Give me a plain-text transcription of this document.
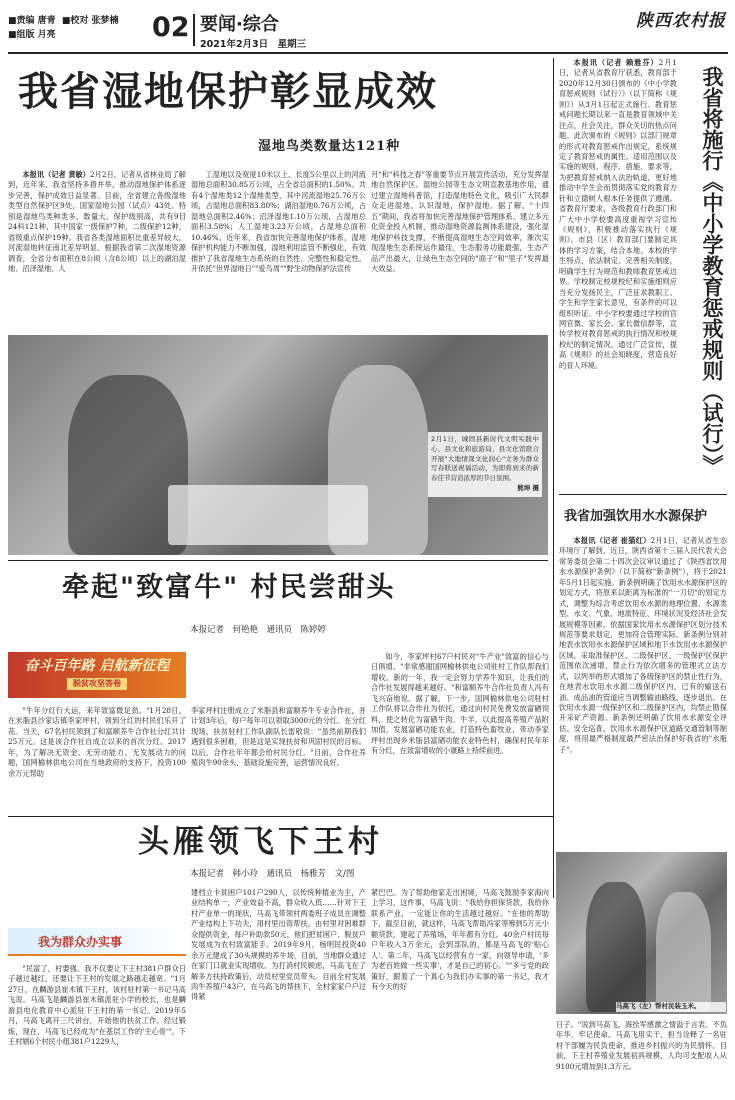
■责编 唐青 ■校对 张梦楠
■组版 月亮	02 要闻·综合
2021年2月3日　星期三
陕西农村报
我省湿地保护彰显成效
湿地鸟类数量达121种
本报讯（记者 黄敏）2月2日，记者从省林业局了解到，近年来，我省坚持多措并举，推动湿地保护体系逐步完善，保护成效日益显著。目前，全省建立各级湿地类型自然保护区9处，国家湿地公园（试点）43处。特别是湿地鸟类种类多，数量大，保护级别高，共有9目24科121种，其中国家一级保护7种，二级保护12种，省级重点保护19种。我省各类湿地面积比重差异较大，河流湿地转征南北差异明显。根据我省第二次湿地资源调查，全省分布面积在8公顷（含8公顷）以上的湖泊湿地、沼泽湿地、人
工湿地以及宽度10米以上、长度5公里以上的河流湿地总面积30.85万公顷，占全省总面积的1.50%。共有4个湿地类12个湿地类型，其中河流湿地25.76万公顷，占湿地总面积83.80%；湖泊湿地0.76万公顷，占湿地总面积2.46%；沼泽湿地1.10万公顷，占湿地总面积3.58%；人工湿地3.23万公顷，占湿地总面积10.46%。近年来，我省加快完善湿地保护体系，湿地保护机构能力不断加强，湿地利用监管不断强化，有效推护了我省湿地生态系统的自然性、完整性和稳定性。开依托"世界湿地日""爱鸟周""野生动物保护法宣传
月"和"科技之春"等重要节点开展宣传活动，充分发挥湿地自然保护区、湿地公园等生态文明宣教基地作用，通过建立湿地科普馆，打造湿地特色文化，吸引广大民群众走进湿地，认识湿地，保护湿地。据了解，"十四五"期间，我省将加快完善湿地保护管理体系，建立多元化资金投入机制，推动湿地资源监测体系建设，强化湿地保护科技支撑，不断提高湿地生态空间效率，渐次实现湿地生态系统运作最佳，生态服务功能最强，生态产品产出最大，让绿色生态空间的"面子"和"里子"发挥最大效益。
2月1日，城固县新时代文明实践中心、县文化和旅游局、县文化馆联合开展"大地情深文化润心"文务为群众写春联送祝福活动，为即将到来的新春佳节营造浓厚的节日氛围。
熊坤 摄
牵起"致富牛" 村民尝甜头
本报记者　何艳艳　通讯员　陈婷婷
奋斗百年路 启航新征程
脱贫攻坚答卷
"牛年分红行大运，来年致富微足劲。"1月28日，在米脂县沙家店镇李家坪村，领到分红的村民们乐开了花。当天，67名村民领到了和富顺养牛合作社分红共计25万元。这是该合作社自成立以来的首次分红。2017年，为了解决无资金、无劳动能力、无发展动力的问题，国网榆林供电公司在当地政府的支持下，投资100余万元帮助
李家坪村注册成立了米脂县和富顺养牛专业合作社，并计划3年后，每户每年可以领取3000元的分红。在分红现场，扶贫驻村工作队副队长雷敬说："虽然前期我们遇到很多困难，但是这是实现扶贫和巩固村民的目标。以后，合作社年年都会给村民分红。"目前，合作社养殖肉牛90余头，基础设施完善，运营情况良好。
如今，李家坪村67户村民对"牛产业"致富的信心与日俱增。"非常感谢国网榆林供电公司驻村工作队帮我们增收。新的一年，我一定会努力学养牛知识，让我们的合作社发展得越来越好。"和富顺养牛合作社负责人冯有飞兴奋地说。据了解，下一步，国网榆林供电公司驻村工作队将以合作社为依托，通过向村民免费发放富硒饲料，使之转化为富硒牛肉、牛羊，以此提高养殖产品附加值，发展富硒功能农业，打造特色畜牧业，带动李家坪村出现乡米脂县富硒功能农业特色村，确保村民年年有分红，在致富增收的小康路上持续前进。
本报讯（记者 赖雅芬）2月1日，记者从省教育厅获悉，教育部于2020年12月30日颁布的《中小学教育惩戒规则（试行）》（以下简称《规则》）从3月1日起正式施行。教育惩戒问题长期以来一直是教育领域中关注点，社会关注，群众关切的热点问题。此次颁布的《规则》以部门规章的形式对教育惩戒作出规定，系统规定了教育惩戒的属性、适用范围以及实施的规则、程序、措施、要求等，为把教育惩戒纳入法治轨道，更好地推动中学生会而贯彻落实党的教育方针和立德树人根本任务提供了遵循。省教育厅要求，各级教育行政部门和广大中小学校要高度重视学习宣传《规则》，积极推动落实执行《规则》。市县（区）教育部门要制定具体的学习方案，结合本地、本校的学生特点，依法制定、完善相关制度，明确学生行为规范和教师教育惩戒边界。学校制定校规校纪和实施细则应当充分发扬民主，广泛征求教职工、学生和学生家长意见，有条件的可以组织听证。中小学校要通过学校的官网官微、家长会、家长微信群等，宣传学校对教育惩戒的执行情况和校规校纪的制定情况，通过广泛宣传，提高《规则》的社会知晓度，营造良好的育人环境。	我省将施行《中小学教育惩戒规则（试行）》
我省加强饮用水水源保护
本报讯（记者 崔猫红）2月1日，记者从省生态环境厅了解到，近日，陕西省第十三届人民代表大会常务委员会第二十四次会议审议通过了《陕西省饮用水水源保护条例》（以下简称"新条例"），将于2021年5月1日起实施。新条例明确了饮用水水源保护区的划定方式，将原来以距离为标准的"一刀切"的划定方式，调整为综合考虑饮用水水源的地理位置、水源类型、水文、气象、地质特征、环境状况及经济社会发展规模等因素，依据国家饮用水水源保护区划分技术规范等要求划定，更加符合管理实际。新条例分别对地表水饮用水水源保护区域和地下水饮用水水源保护区域，采取准保护区、二级保护区、一级保护区保护范围依次递增，禁止行为依次增多的管理式立法方式，以列举的形式增加了各级保护区的禁止性行为，在地表水饮用水水源二级保护区内，已有的输送石油、成品油的管道应当调整输油路线，逐步退出。在饮用水水源一级保护区和二级保护区内，均禁止勘探开采矿产资源。新条例还明确了饮用水水源安全评估、安全巡查、饮用水水源保护区道路交通管制等制度，将用最严格制度最严密法治保护好我省的"水瓶子"。
头雁领飞下王村
本报记者　韩小玲　通讯员　杨雅芳　文/图
我为群众办实事
"民富了，村要强。我不仅要让下王村381户群众日子越过越红，还要让下王村的发展之路越走越宽。"1月27日，在麟游县崔木镇下王村，该村驻村第一书记马高飞说。马高飞是麟游县崔木镇派驻小学的校长，也是麟游县电化教育中心派驻下王村的第一书记。2019年5月，马高飞离开三尺讲台，开始他的扶贫工作。经过锻炼，现在，马高飞已经成为"在基层工作的'主心骨'"。下王村辖6个村民小组381户1229人，
建档立卡贫困户101户290人，以传统种植业为主，产业结构单一，产业效益不高，群众收入低……针对下王村产业单一的现状，马高飞带领村两委班子成员在调整产业结构上下功夫，用村里出资帮扶，由村里对困难群众提供资金，每户补助款50元，他们把贫困户、脱贫户发展成为农村致富能手。2019年9月，杨明民投资40余万元建成了30头规模的养牛场，目前，当地群众通过在家门口就业实现增收。为打消村民顾虑，马高飞在了解多方扶持政策后，动员村里党员带头。目前全村发展肉牛养殖户43户，在马高飞的帮扶下，全村家家户户过得紧
紧巴巴。为了帮助他家走出困境，马高飞鼓励李家海向上学习，这件事，马高飞说："我给你担保贷款，我给你联系产业，一定能让你的生活越过越好。"在他的帮助下，截至目前，就这样，马高飞帮助冯家等筹到5万元小额贷款，建起了养殖场，年年都有分红。40余户村民每户年收入3万余元，会到部队的，都是马高飞的'贴心人'。第二年，马高飞以经营有方一家，向领导申请，'多为老百姓做一些实事'，才是自己的初心。""多亏党的政策好，跟着了一个真心为我们办实事的第一书记，我才有今天的好
马高飞（左）帮村民装玉米。
日子。"说到马高飞，海拴军感激之情溢于言表。不负年华，牢记使命。马高飞用实干、担当诠释了一名驻村干部履为民负使命，推进乡村振兴的为民情怀。目前，下王村养殖业发展初具规模，人均可支配收入从9100元增加到1.3万元。
